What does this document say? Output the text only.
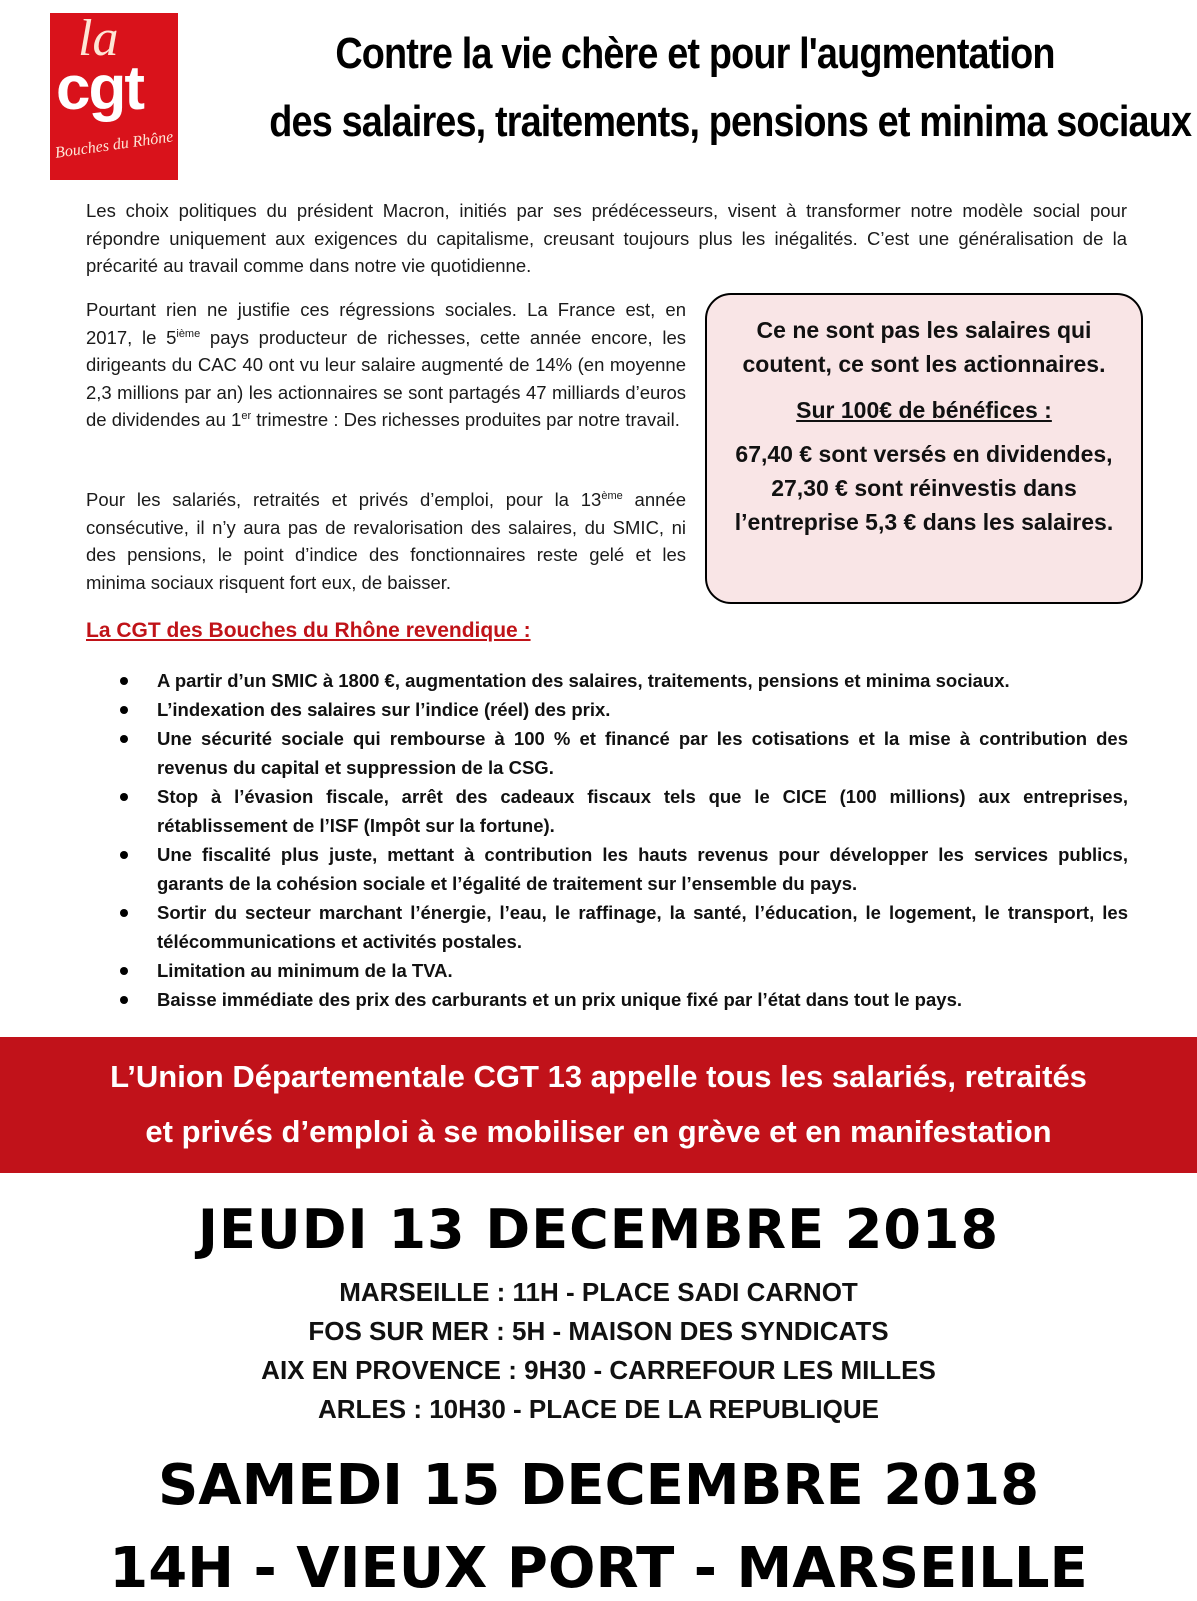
la
cgt
Bouches du Rhône
Contre la vie chère et pour l'augmentation
des salaires, traitements, pensions et minima sociaux
Les choix politiques du président Macron, initiés par ses prédécesseurs, visent à transformer notre modèle social pour répondre uniquement aux exigences du capitalisme, creusant toujours plus les inégalités. C’est une généralisation de la précarité au travail comme dans notre vie quotidienne.
Pourtant rien ne justifie ces régressions sociales. La France est, en 2017, le 5ième pays producteur de richesses, cette année encore, les dirigeants du CAC 40 ont vu leur salaire augmenté de 14% (en moyenne 2,3 millions par an) les actionnaires se sont partagés 47 milliards d’euros de dividendes au 1er trimestre : Des richesses produites par notre travail.
Pour les salariés, retraités et privés d’emploi, pour la 13ème année consécutive, il n’y aura pas de revalorisation des salaires, du SMIC, ni des pensions, le point d’indice des fonctionnaires reste gelé et les minima sociaux risquent fort eux, de baisser.
Ce ne sont pas les salaires qui coutent, ce sont les actionnaires.
Sur 100€ de bénéfices :
67,40 € sont versés en dividendes, 27,30 € sont réinvestis dans l’entreprise 5,3 € dans les salaires.
La CGT des Bouches du Rhône revendique :
A partir d’un SMIC à 1800 €, augmentation des salaires, traitements, pensions et minima sociaux.
L’indexation des salaires sur l’indice (réel) des prix.
Une sécurité sociale qui rembourse à 100 % et financé par les cotisations et la mise à contribution des revenus du capital et suppression de la CSG.
Stop à l’évasion fiscale, arrêt des cadeaux fiscaux tels que le CICE (100 millions) aux entreprises, rétablissement de l’ISF (Impôt sur la fortune).
Une fiscalité plus juste, mettant à contribution les hauts revenus pour développer les services publics, garants de la cohésion sociale et l’égalité de traitement sur l’ensemble du pays.
Sortir du secteur marchant l’énergie, l’eau, le raffinage, la santé, l’éducation, le logement, le transport, les télécommunications et activités postales.
Limitation au minimum de la TVA.
Baisse immédiate des prix des carburants et un prix unique fixé par l’état dans tout le pays.
L’Union Départementale CGT 13 appelle tous les salariés, retraités
et privés d’emploi à se mobiliser en grève et en manifestation
JEUDI 13 DECEMBRE 2018
MARSEILLE : 11H - PLACE SADI CARNOT
FOS SUR MER : 5H - MAISON DES SYNDICATS
AIX EN PROVENCE : 9H30 - CARREFOUR LES MILLES
ARLES : 10H30 - PLACE DE LA REPUBLIQUE
SAMEDI 15 DECEMBRE 2018
14H - VIEUX PORT - MARSEILLE
